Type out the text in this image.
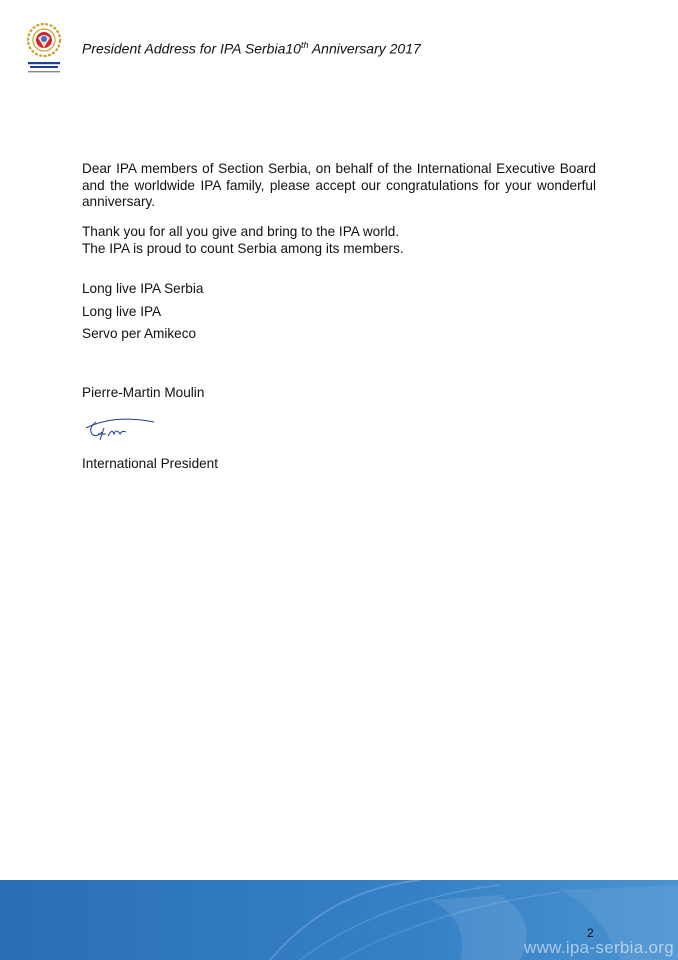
President Address for IPA Serbia10th Anniversary 2017
Dear IPA members of Section Serbia, on behalf of the International Executive Board and the worldwide IPA family, please accept our congratulations for your wonderful anniversary.
Thank you for all you give and bring to the IPA world.
The IPA is proud to count Serbia among its members.
Long live IPA Serbia
Long live IPA
Servo per Amikeco
Pierre-Martin Moulin
International President
2
www.ipa-serbia.org
